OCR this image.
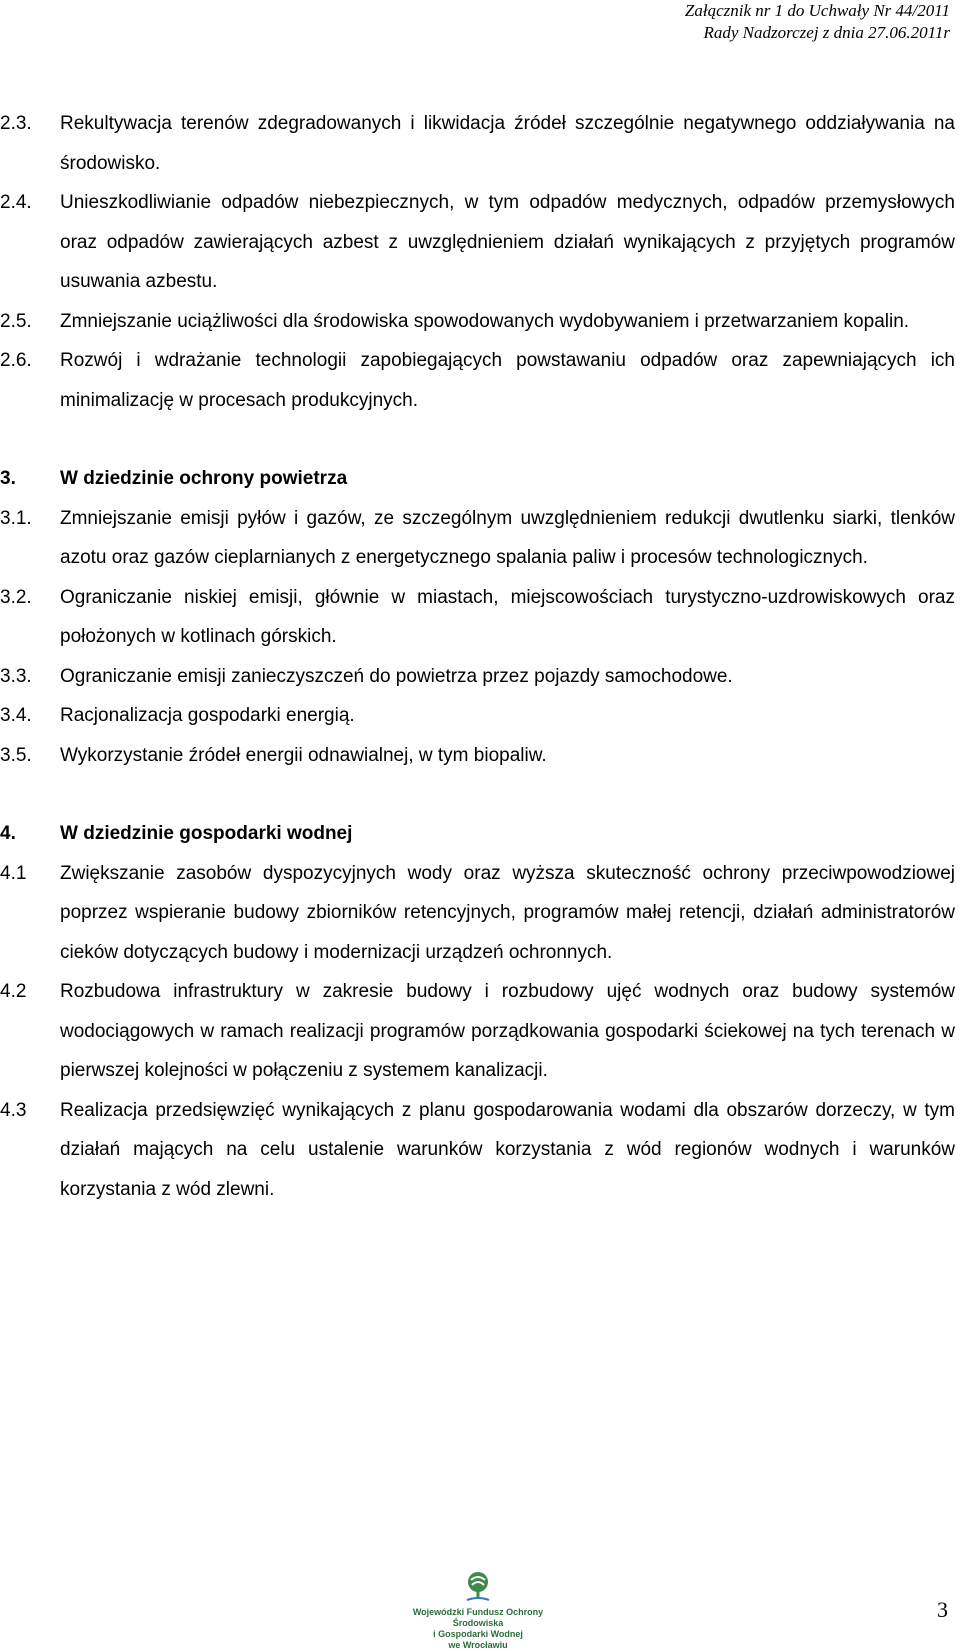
Załącznik nr 1 do Uchwały Nr 44/2011
Rady Nadzorczej z dnia 27.06.2011r
2.3.	Rekultywacja terenów zdegradowanych i likwidacja źródeł szczególnie negatywnego oddziaływania na środowisko.
2.4.	Unieszkodliwianie odpadów niebezpiecznych, w tym odpadów medycznych, odpadów przemysłowych oraz odpadów zawierających azbest z uwzględnieniem działań wynikających z przyjętych programów usuwania azbestu.
2.5.	Zmniejszanie uciążliwości dla środowiska spowodowanych wydobywaniem i przetwarzaniem kopalin.
2.6.	Rozwój i wdrażanie technologii zapobiegających powstawaniu odpadów oraz zapewniających ich minimalizację w procesach produkcyjnych.
3.	W dziedzinie ochrony powietrza
3.1.	Zmniejszanie emisji pyłów i gazów, ze szczególnym uwzględnieniem redukcji dwutlenku siarki, tlenków azotu oraz gazów cieplarnianych z energetycznego spalania paliw i procesów technologicznych.
3.2.	Ograniczanie niskiej emisji, głównie w miastach, miejscowościach turystyczno-uzdrowiskowych oraz położonych w kotlinach górskich.
3.3.	Ograniczanie emisji zanieczyszczeń do powietrza przez pojazdy samochodowe.
3.4.	Racjonalizacja gospodarki energią.
3.5.	Wykorzystanie źródeł energii odnawialnej, w tym biopaliw.
4.	W dziedzinie gospodarki wodnej
4.1	Zwiększanie zasobów dyspozycyjnych wody oraz wyższa skuteczność ochrony przeciwpowodziowej poprzez wspieranie budowy zbiorników retencyjnych, programów małej retencji, działań administratorów cieków dotyczących budowy i modernizacji urządzeń ochronnych.
4.2	Rozbudowa infrastruktury w zakresie budowy i rozbudowy ujęć wodnych oraz budowy systemów wodociągowych w ramach realizacji programów porządkowania gospodarki ściekowej na tych terenach w pierwszej kolejności w połączeniu z systemem kanalizacji.
4.3	Realizacja przedsięwzięć wynikających z planu gospodarowania wodami dla obszarów dorzeczy, w tym działań mających na celu ustalenie warunków korzystania z wód regionów wodnych i warunków korzystania z wód zlewni.
Wojewódzki Fundusz Ochrony Środowiska
i Gospodarki Wodnej
we Wrocławiu
3
